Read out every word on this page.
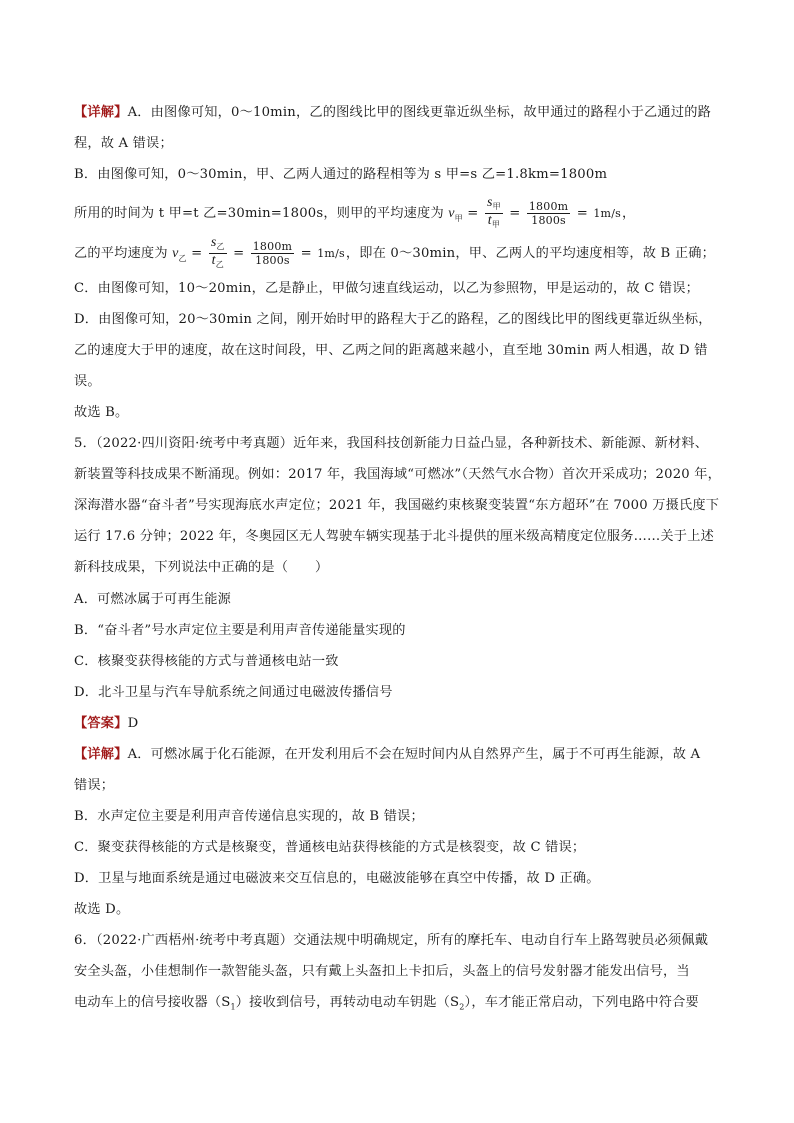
【详解】A．由图像可知，0～10min，乙的图线比甲的图线更靠近纵坐标，故甲通过的路程小于乙通过的路
程，故 A 错误；
B．由图像可知，0～30min，甲、乙两人通过的路程相等为 s 甲=s 乙=1.8km=1800m
所用的时间为 t 甲=t 乙=30min=1800s，则甲的平均速度为 $v_甲 = \frac{s_甲}{t_甲} = \frac{1800m}{1800s} = 1m/s$，
乙的平均速度为 $v_乙 = \frac{s_乙}{t_乙} = \frac{1800m}{1800s} = 1m/s$，即在 0～30min，甲、乙两人的平均速度相等，故 B 正确；
C．由图像可知，10～20min，乙是静止，甲做匀速直线运动，以乙为参照物，甲是运动的，故 C 错误；
D．由图像可知，20～30min 之间，刚开始时甲的路程大于乙的路程，乙的图线比甲的图线更靠近纵坐标，
乙的速度大于甲的速度，故在这时间段，甲、乙两之间的距离越来越小，直至地 30min 两人相遇，故 D 错
误。
故选 B。
5．（2022·四川资阳·统考中考真题）近年来，我国科技创新能力日益凸显，各种新技术、新能源、新材料、
新装置等科技成果不断涌现。例如：2017 年，我国海域“可燃冰”（天然气水合物）首次开采成功；2020 年，
深海潜水器“奋斗者”号实现海底水声定位；2021 年，我国磁约束核聚变装置“东方超环”在 7000 万摄氏度下
运行 17.6 分钟；2022 年，冬奥园区无人驾驶车辆实现基于北斗提供的厘米级高精度定位服务……关于上述
新科技成果，下列说法中正确的是（　　）
A．可燃冰属于可再生能源
B．“奋斗者”号水声定位主要是利用声音传递能量实现的
C．核聚变获得核能的方式与普通核电站一致
D．北斗卫星与汽车导航系统之间通过电磁波传播信号
【答案】D
【详解】A．可燃冰属于化石能源，在开发利用后不会在短时间内从自然界产生，属于不可再生能源，故 A
错误；
B．水声定位主要是利用声音传递信息实现的，故 B 错误；
C．聚变获得核能的方式是核聚变，普通核电站获得核能的方式是核裂变，故 C 错误；
D．卫星与地面系统是通过电磁波来交互信息的，电磁波能够在真空中传播，故 D 正确。
故选 D。
6．（2022·广西梧州·统考中考真题）交通法规中明确规定，所有的摩托车、电动自行车上路驾驶员必须佩戴
安全头盔，小佳想制作一款智能头盔，只有戴上头盔扣上卡扣后，头盔上的信号发射器才能发出信号，当
电动车上的信号接收器$(S_1)$接收到信号，再转动电动车钥匙$(S_2)$，车才能正常启动，下列电路中符合要
